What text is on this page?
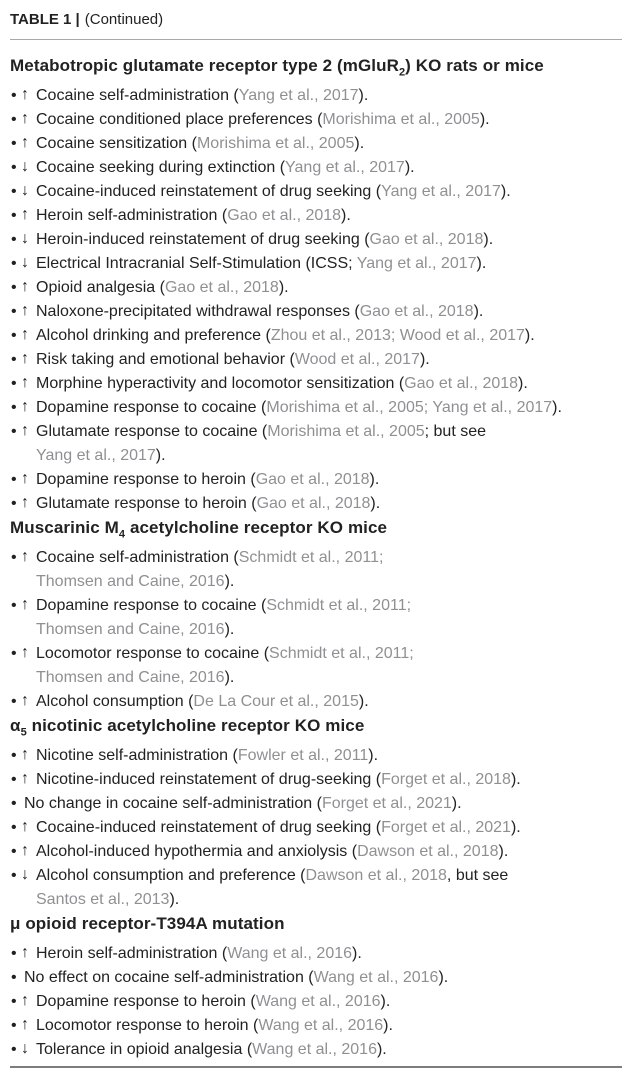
TABLE 1 | (Continued)
Metabotropic glutamate receptor type 2 (mGluR$_2$) KO rats or mice
• ↑ Cocaine self-administration (Yang et al., 2017).
• ↑ Cocaine conditioned place preferences (Morishima et al., 2005).
• ↑ Cocaine sensitization (Morishima et al., 2005).
• ↓ Cocaine seeking during extinction (Yang et al., 2017).
• ↓ Cocaine-induced reinstatement of drug seeking (Yang et al., 2017).
• ↑ Heroin self-administration (Gao et al., 2018).
• ↓ Heroin-induced reinstatement of drug seeking (Gao et al., 2018).
• ↓ Electrical Intracranial Self-Stimulation (ICSS; Yang et al., 2017).
• ↑ Opioid analgesia (Gao et al., 2018).
• ↑ Naloxone-precipitated withdrawal responses (Gao et al., 2018).
• ↑ Alcohol drinking and preference (Zhou et al., 2013; Wood et al., 2017).
• ↑ Risk taking and emotional behavior (Wood et al., 2017).
• ↑ Morphine hyperactivity and locomotor sensitization (Gao et al., 2018).
• ↑ Dopamine response to cocaine (Morishima et al., 2005; Yang et al., 2017).
• ↑ Glutamate response to cocaine (Morishima et al., 2005; but see
Yang et al., 2017).
• ↑ Dopamine response to heroin (Gao et al., 2018).
• ↑ Glutamate response to heroin (Gao et al., 2018).
Muscarinic $M_4$ acetylcholine receptor KO mice
• ↑ Cocaine self-administration (Schmidt et al., 2011;
Thomsen and Caine, 2016).
• ↑ Dopamine response to cocaine (Schmidt et al., 2011;
Thomsen and Caine, 2016).
• ↑ Locomotor response to cocaine (Schmidt et al., 2011;
Thomsen and Caine, 2016).
• ↑ Alcohol consumption (De La Cour et al., 2015).
$\alpha_5$ nicotinic acetylcholine receptor KO mice
• ↑ Nicotine self-administration (Fowler et al., 2011).
• ↑ Nicotine-induced reinstatement of drug-seeking (Forget et al., 2018).
• No change in cocaine self-administration (Forget et al., 2021).
• ↑ Cocaine-induced reinstatement of drug seeking (Forget et al., 2021).
• ↑ Alcohol-induced hypothermia and anxiolysis (Dawson et al., 2018).
• ↓ Alcohol consumption and preference (Dawson et al., 2018, but see
Santos et al., 2013).
μ opioid receptor-T394A mutation
• ↑ Heroin self-administration (Wang et al., 2016).
• No effect on cocaine self-administration (Wang et al., 2016).
• ↑ Dopamine response to heroin (Wang et al., 2016).
• ↑ Locomotor response to heroin (Wang et al., 2016).
• ↓ Tolerance in opioid analgesia (Wang et al., 2016).
